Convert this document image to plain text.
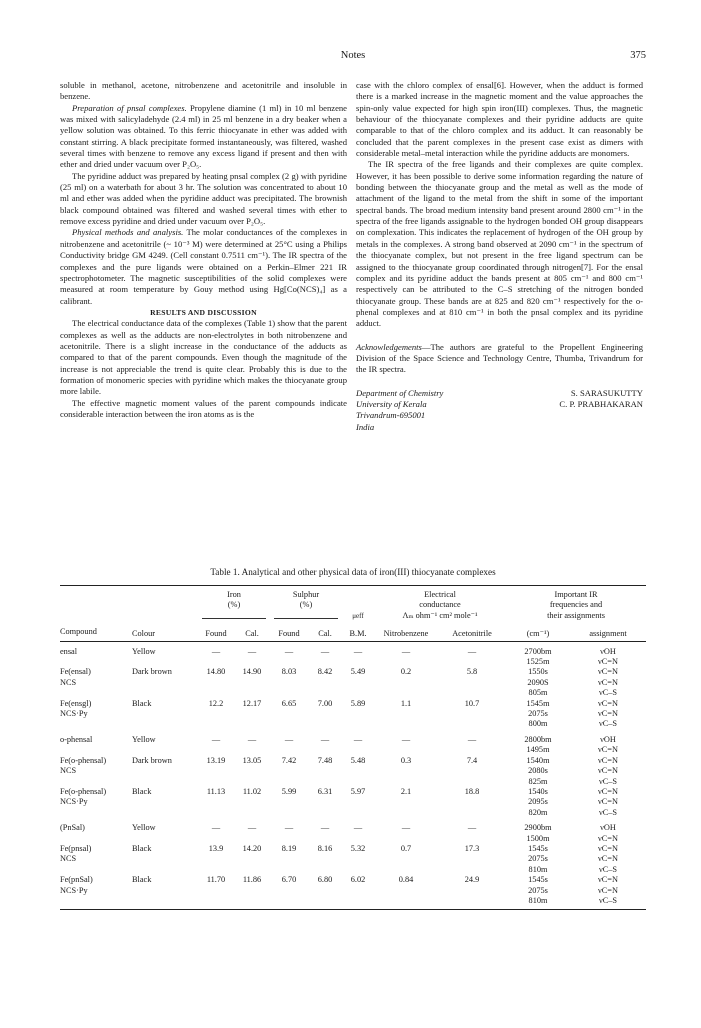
Notes	375

soluble in methanol, acetone, nitrobenzene and acetonitrile and insoluble in benzene.

Preparation of pnsal complexes. Propylene diamine (1 ml) in 10 ml benzene was mixed with salicyladehyde (2.4 ml) in 25 ml benzene in a dry beaker when a yellow solution was obtained. To this ferric thiocyanate in ether was added with constant stirring. A black precipitate formed instantaneously, was filtered, washed several times with benzene to remove any excess ligand if present and then with ether and dried under vacuum over P₂O₅.

The pyridine adduct was prepared by heating pnsal complex (2 g) with pyridine (25 ml) on a waterbath for about 3 hr. The solution was concentrated to about 10 ml and ether was added when the pyridine adduct was precipitated. The brownish black compound obtained was filtered and washed several times with ether to remove excess pyridine and dried under vacuum over P₂O₅.

Physical methods and analysis. The molar conductances of the complexes in nitrobenzene and acetonitrile (~ 10⁻³ M) were determined at 25°C using a Philips Conductivity bridge GM 4249. (Cell constant 0.7511 cm⁻¹). The IR spectra of the complexes and the pure ligands were obtained on a Perkin–Elmer 221 IR spectrophotometer. The magnetic susceptibilities of the solid complexes were measured at room temperature by Gouy method using Hg[Co(NCS)₄] as a calibrant.

RESULTS AND DISCUSSION

The electrical conductance data of the complexes (Table 1) show that the parent complexes as well as the adducts are non-electrolytes in both nitrobenzene and acetonitrile. There is a slight increase in the conductance of the adducts as compared to that of the parent compounds. Even though the magnitude of the increase is not appreciable the trend is quite clear. Probably this is due to the formation of monomeric species with pyridine which makes the thiocyanate group more labile.

The effective magnetic moment values of the parent compounds indicate considerable interaction between the iron atoms as is the

case with the chloro complex of ensal[6]. However, when the adduct is formed there is a marked increase in the magnetic moment and the value approaches the spin-only value expected for high spin iron(III) complexes. Thus, the magnetic behaviour of the thiocyanate complexes and their pyridine adducts are quite comparable to that of the chloro complex and its adduct. It can reasonably be concluded that the parent complexes in the present case exist as dimers with considerable metal–metal interaction while the pyridine adducts are monomers.

The IR spectra of the free ligands and their complexes are quite complex. However, it has been possible to derive some information regarding the nature of bonding between the thiocyanate group and the metal as well as the mode of attachment of the ligand to the metal from the shift in some of the important spectral bands. The broad medium intensity band present around 2800 cm⁻¹ in the spectra of the free ligands assignable to the hydrogen bonded OH group disappears on complexation. This indicates the replacement of hydrogen of the OH group by metals in the complexes. A strong band observed at 2090 cm⁻¹ in the spectrum of the thiocyanate complex, but not present in the free ligand spectrum can be assigned to the thiocyanate group coordinated through nitrogen[7]. For the ensal complex and its pyridine adduct the bands present at 805 cm⁻¹ and 800 cm⁻¹ respectively can be attributed to the C–S stretching of the nitrogen bonded thiocyanate group. These bands are at 825 and 820 cm⁻¹ respectively for the o-phenal complexes and at 810 cm⁻¹ in both the pnsal complex and its pyridine adduct.

Acknowledgements—The authors are grateful to the Propellent Engineering Division of the Space Science and Technology Centre, Thumba, Trivandrum for the IR spectra.

Department of Chemistry	S. SARASUKUTTY
University of Kerala	C. P. PRABHAKARAN
Trivandrum-695001
India
Table 1. Analytical and other physical data of iron(III) thiocyanate complexes

		Iron		Sulphur			Electrical		Important IR	
		(%)		(%)			conductance		frequencies and	

			μeff	Λₘ ohm⁻¹ cm² mole⁻¹		their assignments	

Compound	Colour	Found	Cal.	Found	Cal.	B.M.	Nitrobenzene	Acetonitrile	(cm⁻¹)	assignment

ensal	Yellow	—	—	—	—	—	—	—	2700bm	νOH
									1525m	νC=N
Fe(ensal)	Dark brown	14.80	14.90	8.03	8.42	5.49	0.2	5.8	1550s	νC=N
NCS									2090S	νC=N
									805m	νC–S
Fe(ensgl)	Black	12.2	12.17	6.65	7.00	5.89	1.1	10.7	1545m	νC=N
NCS·Py									2075s	νC=N
									800m	νC–S

o-phensal	Yellow	—	—	—	—	—	—	—	2800bm	νOH
									1495m	νC=N
Fe(o-phensal)	Dark brown	13.19	13.05	7.42	7.48	5.48	0.3	7.4	1540m	νC=N
NCS									2080s	νC=N
									825m	νC–S
Fe(o-phensal)	Black	11.13	11.02	5.99	6.31	5.97	2.1	18.8	1540s	νC=N
NCS·Py									2095s	νC=N
									820m	νC–S

(PnSal)	Yellow	—	—	—	—	—	—	—	2900bm	νOH
									1500m	νC=N
Fe(pnsal)	Black	13.9	14.20	8.19	8.16	5.32	0.7	17.3	1545s	νC=N
NCS									2075s	νC=N
									810m	νC–S
Fe(pnSal)	Black	11.70	11.86	6.70	6.80	6.02	0.84	24.9	1545s	νC=N
NCS·Py									2075s	νC=N
									810m	νC–S
